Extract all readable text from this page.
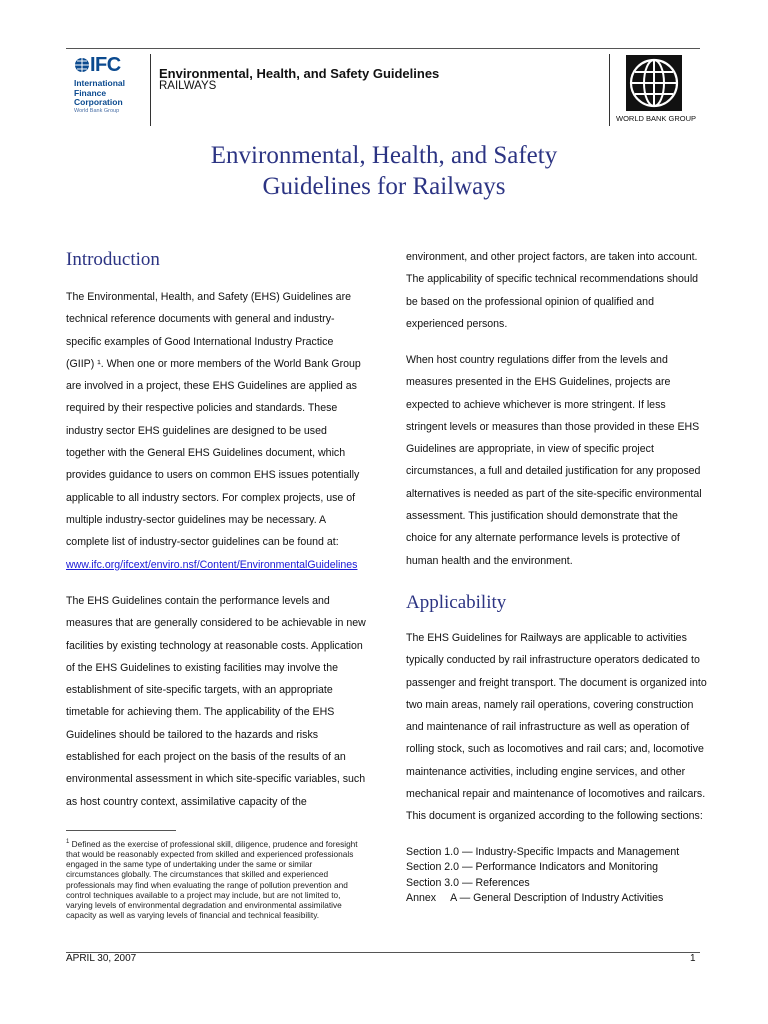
IFC
International
Finance
Corporation
World Bank Group
Environmental, Health, and Safety Guidelines
RAILWAYS
WORLD BANK GROUP
Environmental, Health, and Safety
Guidelines for Railways
Introduction
The Environmental, Health, and Safety (EHS) Guidelines are
technical reference documents with general and industry-
specific examples of Good International Industry Practice
(GIIP) ¹. When one or more members of the World Bank Group
are involved in a project, these EHS Guidelines are applied as
required by their respective policies and standards. These
industry sector EHS guidelines are designed to be used
together with the General EHS Guidelines document, which
provides guidance to users on common EHS issues potentially
applicable to all industry sectors. For complex projects, use of
multiple industry-sector guidelines may be necessary. A
complete list of industry-sector guidelines can be found at:
www.ifc.org/ifcext/enviro.nsf/Content/EnvironmentalGuidelines
The EHS Guidelines contain the performance levels and
measures that are generally considered to be achievable in new
facilities by existing technology at reasonable costs. Application
of the EHS Guidelines to existing facilities may involve the
establishment of site-specific targets, with an appropriate
timetable for achieving them. The applicability of the EHS
Guidelines should be tailored to the hazards and risks
established for each project on the basis of the results of an
environmental assessment in which site-specific variables, such
as host country context, assimilative capacity of the
$^1$ Defined as the exercise of professional skill, diligence, prudence and foresight
that would be reasonably expected from skilled and experienced professionals
engaged in the same type of undertaking under the same or similar
circumstances globally. The circumstances that skilled and experienced
professionals may find when evaluating the range of pollution prevention and
control techniques available to a project may include, but are not limited to,
varying levels of environmental degradation and environmental assimilative
capacity as well as varying levels of financial and technical feasibility.
environment, and other project factors, are taken into account.
The applicability of specific technical recommendations should
be based on the professional opinion of qualified and
experienced persons.
When host country regulations differ from the levels and
measures presented in the EHS Guidelines, projects are
expected to achieve whichever is more stringent. If less
stringent levels or measures than those provided in these EHS
Guidelines are appropriate, in view of specific project
circumstances, a full and detailed justification for any proposed
alternatives is needed as part of the site-specific environmental
assessment. This justification should demonstrate that the
choice for any alternate performance levels is protective of
human health and the environment.
Applicability
The EHS Guidelines for Railways are applicable to activities
typically conducted by rail infrastructure operators dedicated to
passenger and freight transport. The document is organized into
two main areas, namely rail operations, covering construction
and maintenance of rail infrastructure as well as operation of
rolling stock, such as locomotives and rail cars; and, locomotive
maintenance activities, including engine services, and other
mechanical repair and maintenance of locomotives and railcars.
This document is organized according to the following sections:
Section 1.0 — Industry-Specific Impacts and Management
Section 2.0 — Performance Indicators and Monitoring
Section 3.0 — References
Annex     A — General Description of Industry Activities
APRIL 30, 2007	1
